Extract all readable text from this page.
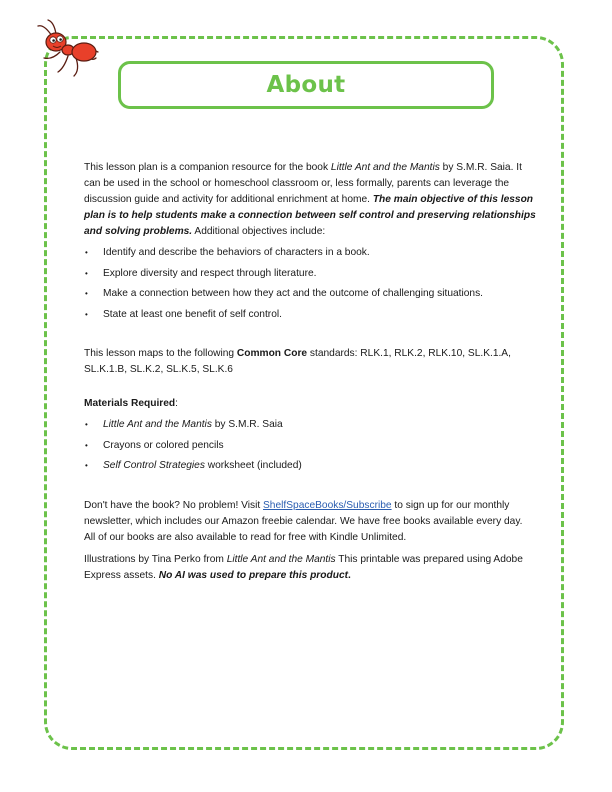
About

This lesson plan is a companion resource for the book Little Ant and the Mantis by S.M.R. Saia. It can be used in the school or homeschool classroom or, less formally, parents can leverage the discussion guide and activity for additional enrichment at home. The main objective of this lesson plan is to help students make a connection between self control and preserving relationships and solving problems. Additional objectives include:

• Identify and describe the behaviors of characters in a book.
• Explore diversity and respect through literature.
• Make a connection between how they act and the outcome of challenging situations.
• State at least one benefit of self control.

This lesson maps to the following Common Core standards: RLK.1, RLK.2, RLK.10, SL.K.1.A, SL.K.1.B, SL.K.2, SL.K.5, SL.K.6

Materials Required:

• Little Ant and the Mantis by S.M.R. Saia
• Crayons or colored pencils
• Self Control Strategies worksheet (included)

Don't have the book? No problem! Visit ShelfSpaceBooks/Subscribe to sign up for our monthly newsletter, which includes our Amazon freebie calendar. We have free books available every day. All of our books are also available to read for free with Kindle Unlimited.

Illustrations by Tina Perko from Little Ant and the Mantis This printable was prepared using Adobe Express assets. No AI was used to prepare this product.
